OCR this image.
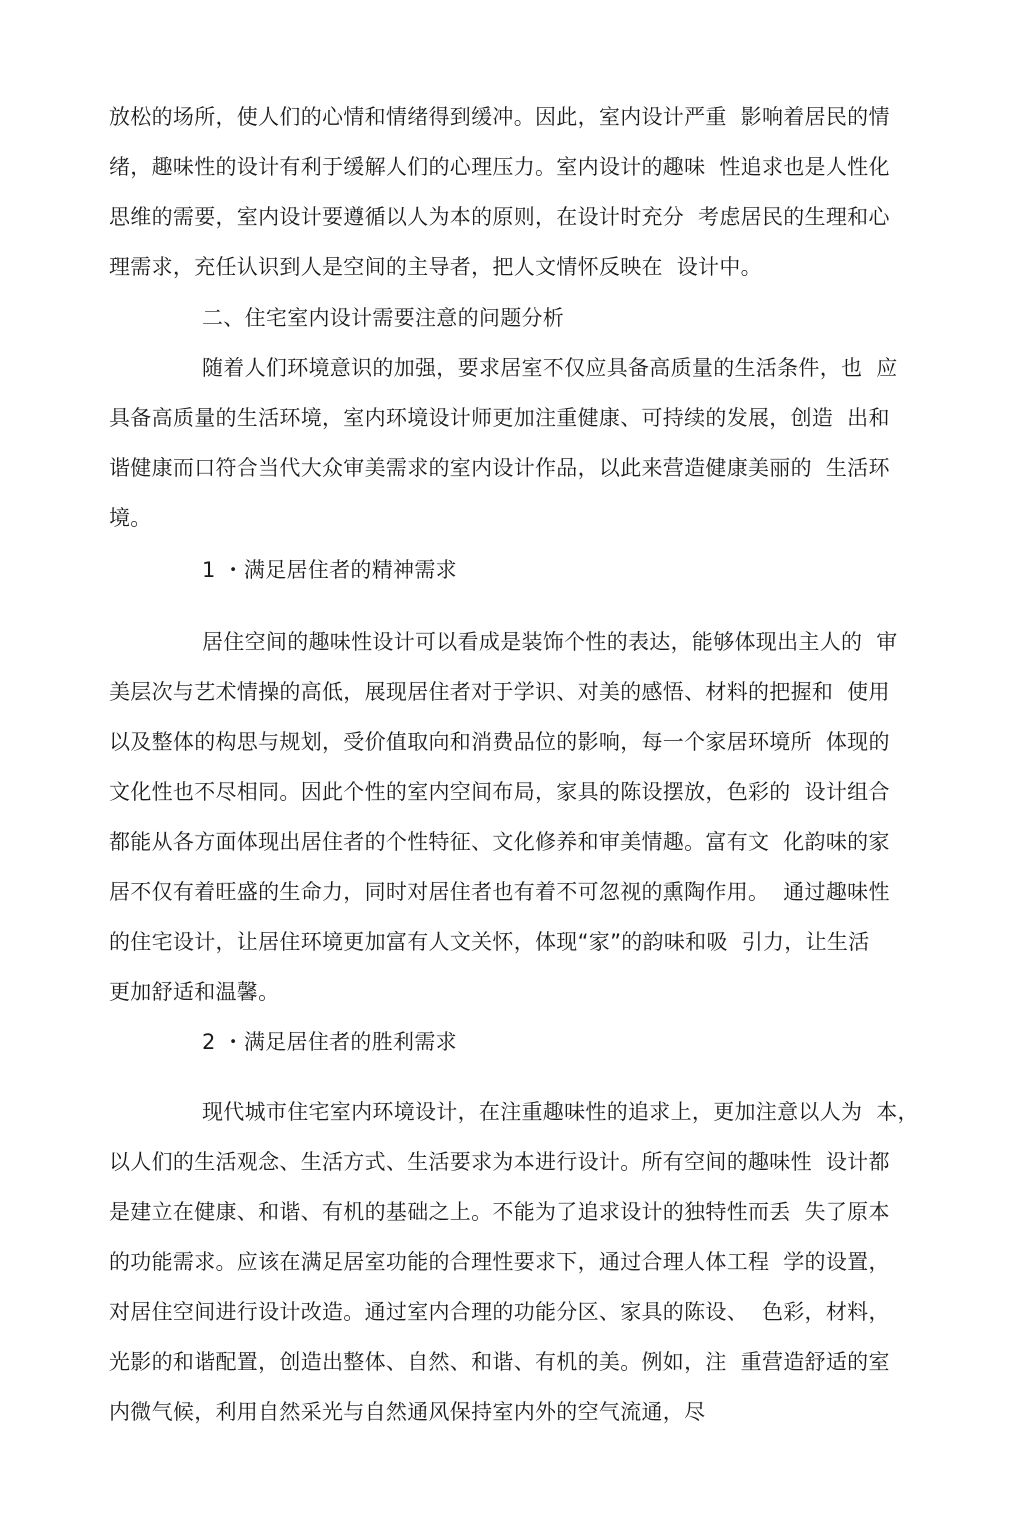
放松的场所，使人们的心情和情绪得到缓冲。因此，室内设计严重  影响着居民的情
绪，趣味性的设计有利于缓解人们的心理压力。室内设计的趣味  性追求也是人性化
思维的需要，室内设计要遵循以人为本的原则，在设计时充分  考虑居民的生理和心
理需求，充任认识到人是空间的主导者，把人文情怀反映在  设计中。
二、住宅室内设计需要注意的问题分析
随着人们环境意识的加强，要求居室不仅应具备高质量的生活条件，也  应
具备高质量的生活环境，室内环境设计师更加注重健康、可持续的发展，创造  出和
谐健康而口符合当代大众审美需求的室内设计作品，以此来营造健康美丽的  生活环
境。
1 ・满足居住者的精神需求
居住空间的趣味性设计可以看成是装饰个性的表达，能够体现出主人的  审
美层次与艺术情操的高低，展现居住者对于学识、对美的感悟、材料的把握和  使用
以及整体的构思与规划，受价值取向和消费品位的影响，每一个家居环境所  体现的
文化性也不尽相同。因此个性的室内空间布局，家具的陈设摆放，色彩的  设计组合
都能从各方面体现出居住者的个性特征、文化修养和审美情趣。富有文  化韵味的家
居不仅有着旺盛的生命力，同时对居住者也有着不可忽视的熏陶作用。  通过趣味性
的住宅设计，让居住环境更加富有人文关怀，体现“家”的韵味和吸  引力，让生活
更加舒适和温馨。
2 ・满足居住者的胜利需求
现代城市住宅室内环境设计，在注重趣味性的追求上，更加注意以人为  本，
以人们的生活观念、生活方式、生活要求为本进行设计。所有空间的趣味性  设计都
是建立在健康、和谐、有机的基础之上。不能为了追求设计的独特性而丢  失了原本
的功能需求。应该在满足居室功能的合理性要求下，通过合理人体工程  学的设置，
对居住空间进行设计改造。通过室内合理的功能分区、家具的陈设、  色彩，材料，
光影的和谐配置，创造出整体、自然、和谐、有机的美。例如，注  重营造舒适的室
内微气候，利用自然采光与自然通风保持室内外的空气流通，尽
